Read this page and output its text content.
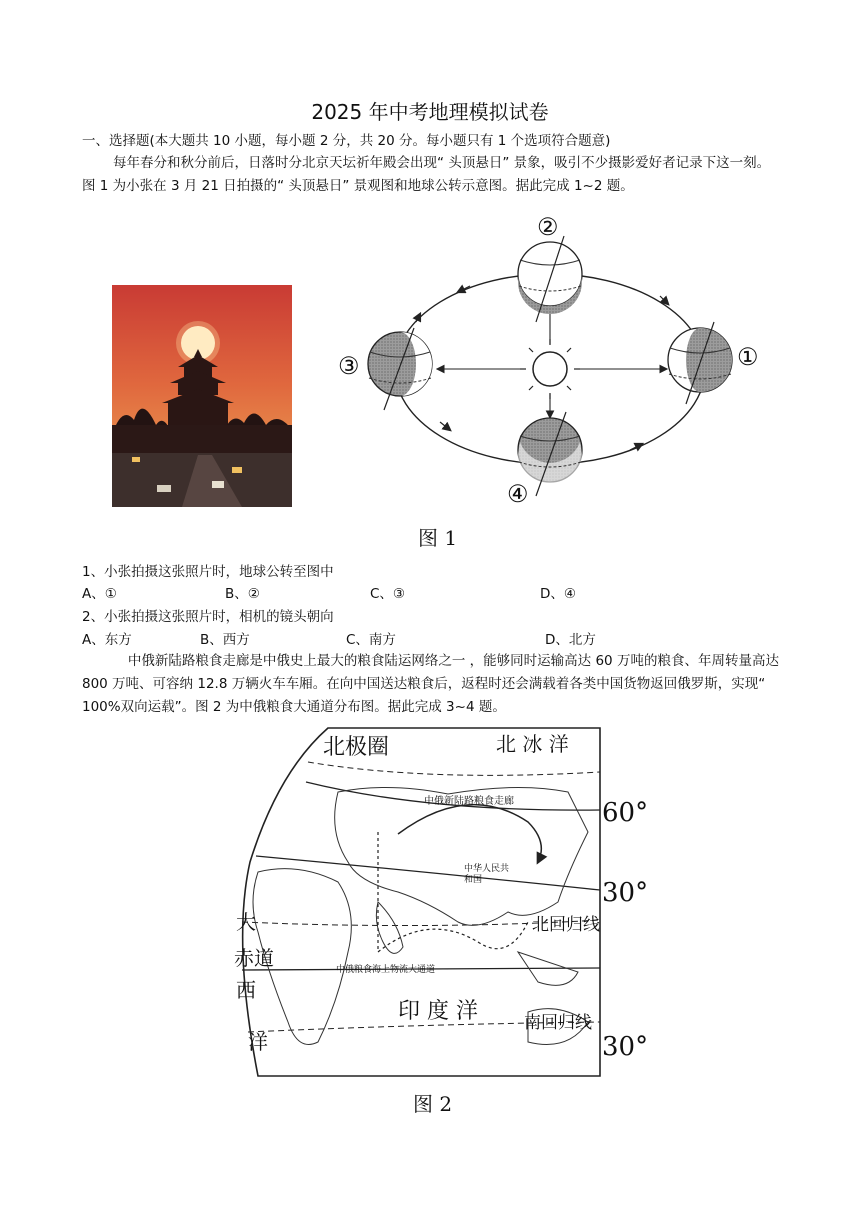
2025 年中考地理模拟试卷
一、选择题(本大题共 10 小题，每小题 2 分，共 20 分。每小题只有 1 个选项符合题意)
每年春分和秋分前后，日落时分北京天坛祈年殿会出现“ 头顶悬日” 景象，吸引不少摄影爱好者记录下这一刻。图 1 为小张在 3 月 21 日拍摄的“ 头顶悬日” 景观图和地球公转示意图。据此完成 1~2 题。
②
③	①
④
图 1
1、小张拍摄这张照片时，地球公转至图中
A、①	B、②	C、③	D、④
2、小张拍摄这张照片时，相机的镜头朝向
A、东方	B、西方	C、南方	D、北方
中俄新陆路粮食走廊是中俄史上最大的粮食陆运网络之一 ，能够同时运输高达 60 万吨的粮食、年周转量高达 800 万吨、可容纳 12.8 万辆火车车厢。在向中国送达粮食后，返程时还会满载着各类中国货物返回俄罗斯，实现“ 100%双向运载”。图 2 为中俄粮食大通道分布图。据此完成 3~4 题。
北极圈	北 冰 洋
中俄新陆路粮食走廊
中华人民共和国
北回归线
大
赤道	中俄粮食海上物流大通道
西
印 度 洋	南回归线
洋
60°
30°
30°
图 2
